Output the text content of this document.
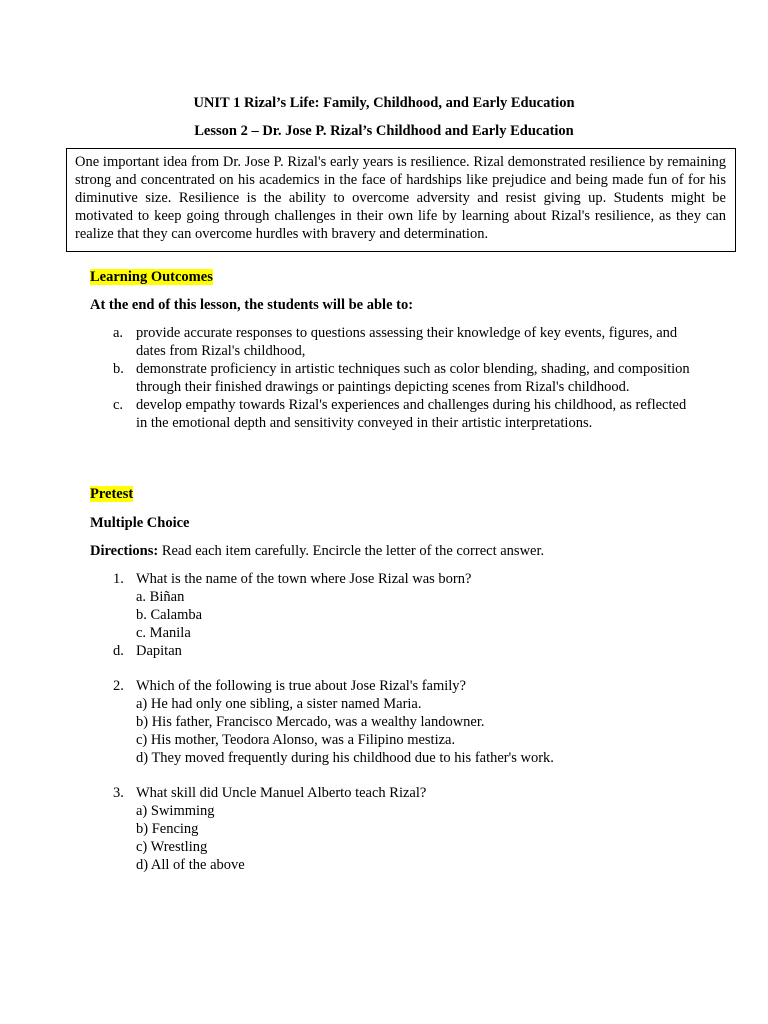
UNIT 1 Rizal’s Life: Family, Childhood, and Early Education
Lesson 2 – Dr. Jose P. Rizal’s Childhood and Early Education
One important idea from Dr. Jose P. Rizal's early years is resilience. Rizal demonstrated resilience by remaining strong and concentrated on his academics in the face of hardships like prejudice and being made fun of for his diminutive size. Resilience is the ability to overcome adversity and resist giving up. Students might be motivated to keep going through challenges in their own life by learning about Rizal's resilience, as they can realize that they can overcome hurdles with bravery and determination.
Learning Outcomes
At the end of this lesson, the students will be able to:
a. provide accurate responses to questions assessing their knowledge of key events, figures, and dates from Rizal's childhood,
b. demonstrate proficiency in artistic techniques such as color blending, shading, and composition through their finished drawings or paintings depicting scenes from Rizal's childhood.
c. develop empathy towards Rizal's experiences and challenges during his childhood, as reflected in the emotional depth and sensitivity conveyed in their artistic interpretations.
Pretest
Multiple Choice
Directions: Read each item carefully. Encircle the letter of the correct answer.
1. What is the name of the town where Jose Rizal was born?
a. Biñan
b. Calamba
c. Manila
d. Dapitan
2. Which of the following is true about Jose Rizal's family?
a) He had only one sibling, a sister named Maria.
b) His father, Francisco Mercado, was a wealthy landowner.
c) His mother, Teodora Alonso, was a Filipino mestiza.
d) They moved frequently during his childhood due to his father's work.
3. What skill did Uncle Manuel Alberto teach Rizal?
a) Swimming
b) Fencing
c) Wrestling
d) All of the above
